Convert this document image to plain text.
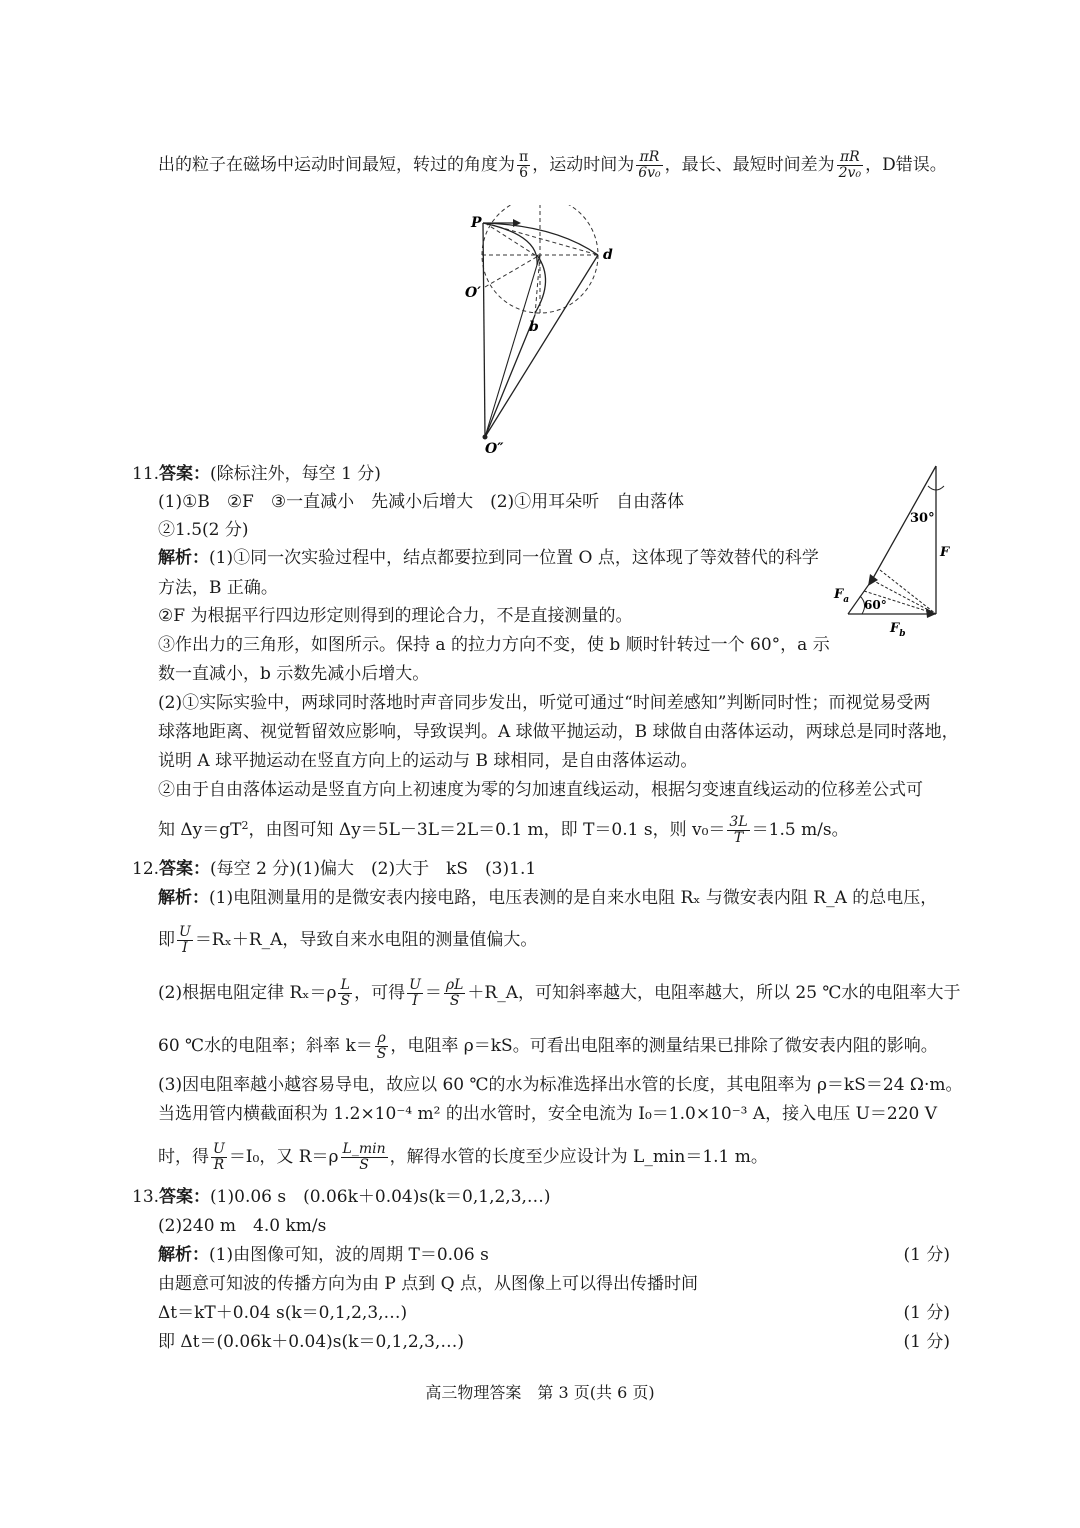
出的粒子在磁场中运动时间最短，转过的角度为 $\frac{\pi}{6}$ ，运动时间为 $\frac{\pi R}{\text{6v₀}}$ ，最长、最短时间差为 $\frac{\pi R}{\text{2v₀}}$ ，D错误。
P
d
O′
b
O″
11.答案：(除标注外，每空 1 分)
(1)①B　②F　③一直减小　先减小后增大　(2)①用耳朵听　自由落体
②1.5(2 分)
解析：(1)①同一次实验过程中，结点都要拉到同一位置 O 点，这体现了等效替代的科学
方法，B 正确。
②F 为根据平行四边形定则得到的理论合力，不是直接测量的。
③作出力的三角形，如图所示。保持 a 的拉力方向不变，使 b 顺时针转过一个 60°，a 示
数一直减小，b 示数先减小后增大。
(2)①实际实验中，两球同时落地时声音同步发出，听觉可通过“时间差感知”判断同时性；而视觉易受两
球落地距离、视觉暂留效应影响，导致误判。A 球做平抛运动，B 球做自由落体运动，两球总是同时落地，
说明 A 球平抛运动在竖直方向上的运动与 B 球相同，是自由落体运动。
②由于自由落体运动是竖直方向上初速度为零的匀加速直线运动，根据匀变速直线运动的位移差公式可
知 $\Delta y=gT^2$，由图可知 Δy＝5L－3L＝2L＝0.1 m，即 T＝0.1 s，则 $v_0= \frac{3L}{T} =1.5$ m/s。
30°
F
$F_a$ 60°
$F_b$
12.答案：(每空 2 分)(1)偏大　(2)大于　kS　(3)1.1
解析：(1)电阻测量用的是微安表内接电路，电压表测的是自来水电阻 Rₓ 与微安表内阻 R_A 的总电压，
即 $\frac{U}{I}$ ＝Rₓ＋R_A，导致自来水电阻的测量值偏大。
(2)根据电阻定律 $R_x=\rho \frac{L}{S}$ ，可得 $\frac{U}{I} = \frac{\rho L}{S}$ ＋R_A，可知斜率越大，电阻率越大，所以 25 ℃水的电阻率大于
60 ℃水的电阻率；斜率 $k= \frac{\rho}{S}$ ，电阻率 ρ＝kS。可看出电阻率的测量结果已排除了微安表内阻的影响。
(3)因电阻率越小越容易导电，故应以 60 ℃的水为标准选择出水管的长度，其电阻率为 ρ＝kS＝24 Ω·m。
当选用管内横截面积为 1.2×10⁻⁴ m² 的出水管时，安全电流为 I₀＝1.0×10⁻³ A，接入电压 U＝220 V
时，得 $\frac{U}{R} =I_0$，又 $R=\rho \frac{L\_\min}{S}$ ，解得水管的长度至少应设计为 L_min＝1.1 m。
13.答案：(1)0.06 s　(0.06k＋0.04)s(k＝0,1,2,3,…)
(2)240 m　4.0 km/s
解析：(1)由图像可知，波的周期 T＝0.06 s	(1 分)
由题意可知波的传播方向为由 P 点到 Q 点，从图像上可以得出传播时间
Δt＝kT＋0.04 s(k＝0,1,2,3,…)	(1 分)
即 Δt＝(0.06k＋0.04)s(k＝0,1,2,3,…)	(1 分)
高三物理答案　第 3 页(共 6 页)
